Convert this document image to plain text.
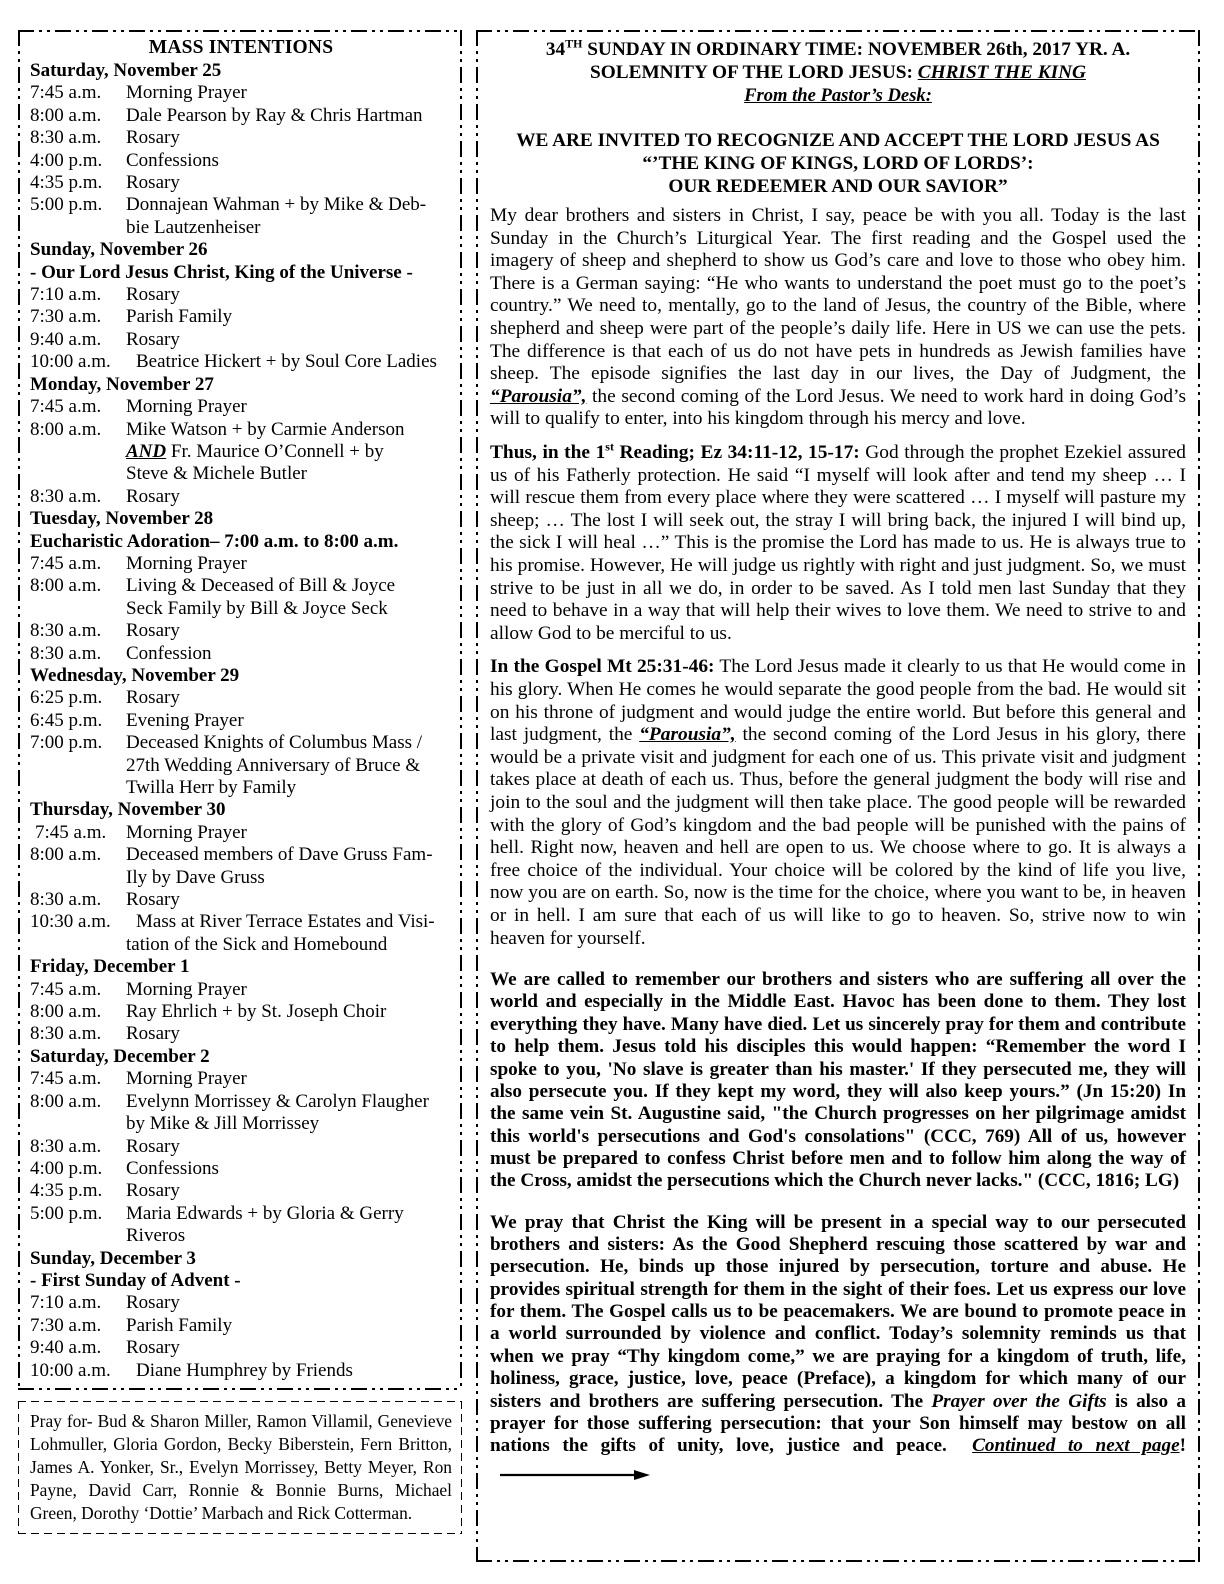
MASS INTENTIONS
Saturday, November 25
7:45 a.m.	Morning Prayer
8:00 a.m.	Dale Pearson by Ray & Chris Hartman
8:30 a.m.	Rosary
4:00 p.m.	Confessions
4:35 p.m.	Rosary
5:00 p.m.	Donnajean Wahman + by Mike & Deb-
bie Lautzenheiser
Sunday, November 26
- Our Lord Jesus Christ, King of the Universe -
7:10 a.m.	Rosary
7:30 a.m.	Parish Family
9:40 a.m.	Rosary
10:00 a.m.	Beatrice Hickert + by Soul Core Ladies
Monday, November 27
7:45 a.m.	Morning Prayer
8:00 a.m.	Mike Watson + by Carmie Anderson
AND Fr. Maurice O’Connell + by
Steve & Michele Butler
8:30 a.m.	Rosary
Tuesday, November 28
Eucharistic Adoration– 7:00 a.m. to 8:00 a.m.
7:45 a.m.	Morning Prayer
8:00 a.m.	Living & Deceased of Bill & Joyce
Seck Family by Bill & Joyce Seck
8:30 a.m.	Rosary
8:30 a.m.	Confession
Wednesday, November 29
6:25 p.m.	Rosary
6:45 p.m.	Evening Prayer
7:00 p.m.	Deceased Knights of Columbus Mass /
27th Wedding Anniversary of Bruce &
Twilla Herr by Family
Thursday, November 30
7:45 a.m.	Morning Prayer
8:00 a.m.	Deceased members of Dave Gruss Fam-
Ily by Dave Gruss
8:30 a.m.	Rosary
10:30 a.m.	Mass at River Terrace Estates and Visi-
tation of the Sick and Homebound
Friday, December 1
7:45 a.m.	Morning Prayer
8:00 a.m.	Ray Ehrlich + by St. Joseph Choir
8:30 a.m.	Rosary
Saturday, December 2
7:45 a.m.	Morning Prayer
8:00 a.m.	Evelynn Morrissey & Carolyn Flaugher
by Mike & Jill Morrissey
8:30 a.m.	Rosary
4:00 p.m.	Confessions
4:35 p.m.	Rosary
5:00 p.m.	Maria Edwards + by Gloria & Gerry
Riveros
Sunday, December 3
- First Sunday of Advent -
7:10 a.m.	Rosary
7:30 a.m.	Parish Family
9:40 a.m.	Rosary
10:00 a.m.	Diane Humphrey by Friends
Pray for- Bud & Sharon Miller, Ramon Villamil, Genevieve Lohmuller, Gloria Gordon, Becky Biberstein, Fern Britton, James A. Yonker, Sr., Evelyn Morrissey, Betty Meyer, Ron Payne, David Carr, Ronnie & Bonnie Burns, Michael Green, Dorothy ‘Dottie’ Marbach and Rick Cotterman.
34TH SUNDAY IN ORDINARY TIME: NOVEMBER 26th, 2017 YR. A.
SOLEMNITY OF THE LORD JESUS: CHRIST THE KING
From the Pastor’s Desk:
WE ARE INVITED TO RECOGNIZE AND ACCEPT THE LORD JESUS AS
“’THE KING OF KINGS, LORD OF LORDS’:
OUR REDEEMER AND OUR SAVIOR”
My dear brothers and sisters in Christ, I say, peace be with you all. Today is the last Sunday in the Church’s Liturgical Year. The first reading and the Gospel used the imagery of sheep and shepherd to show us God’s care and love to those who obey him. There is a German saying: “He who wants to understand the poet must go to the poet’s country.” We need to, mentally, go to the land of Jesus, the country of the Bible, where shepherd and sheep were part of the people’s daily life. Here in US we can use the pets. The difference is that each of us do not have pets in hundreds as Jewish families have sheep. The episode signifies the last day in our lives, the Day of Judgment, the “Parousia”, the second coming of the Lord Jesus. We need to work hard in doing God’s will to qualify to enter, into his kingdom through his mercy and love.
Thus, in the 1st Reading; Ez 34:11-12, 15-17: God through the prophet Ezekiel assured us of his Fatherly protection. He said “I myself will look after and tend my sheep … I will rescue them from every place where they were scattered … I myself will pasture my sheep; … The lost I will seek out, the stray I will bring back, the injured I will bind up, the sick I will heal …” This is the promise the Lord has made to us. He is always true to his promise. However, He will judge us rightly with right and just judgment. So, we must strive to be just in all we do, in order to be saved. As I told men last Sunday that they need to behave in a way that will help their wives to love them. We need to strive to and allow God to be merciful to us.
In the Gospel Mt 25:31-46: The Lord Jesus made it clearly to us that He would come in his glory. When He comes he would separate the good people from the bad. He would sit on his throne of judgment and would judge the entire world. But before this general and last judgment, the “Parousia”, the second coming of the Lord Jesus in his glory, there would be a private visit and judgment for each one of us. This private visit and judgment takes place at death of each us. Thus, before the general judgment the body will rise and join to the soul and the judgment will then take place. The good people will be rewarded with the glory of God’s kingdom and the bad people will be punished with the pains of hell. Right now, heaven and hell are open to us. We choose where to go. It is always a free choice of the individual. Your choice will be colored by the kind of life you live, now you are on earth. So, now is the time for the choice, where you want to be, in heaven or in hell. I am sure that each of us will like to go to heaven. So, strive now to win heaven for yourself.
We are called to remember our brothers and sisters who are suffering all over the world and especially in the Middle East. Havoc has been done to them. They lost everything they have. Many have died. Let us sincerely pray for them and contribute to help them. Jesus told his disciples this would happen: “Remember the word I spoke to you, 'No slave is greater than his master.' If they persecuted me, they will also persecute you. If they kept my word, they will also keep yours.” (Jn 15:20) In the same vein St. Augustine said, "the Church progresses on her pilgrimage amidst this world's persecutions and God's consolations" (CCC, 769) All of us, however must be prepared to confess Christ before men and to follow him along the way of the Cross, amidst the persecutions which the Church never lacks." (CCC, 1816; LG)
We pray that Christ the King will be present in a special way to our persecuted brothers and sisters: As the Good Shepherd rescuing those scattered by war and persecution. He, binds up those injured by persecution, torture and abuse. He provides spiritual strength for them in the sight of their foes. Let us express our love for them. The Gospel calls us to be peacemakers. We are bound to promote peace in a world surrounded by violence and conflict. Today’s solemnity reminds us that when we pray “Thy kingdom come,” we are praying for a kingdom of truth, life, holiness, grace, justice, love, peace (Preface), a kingdom for which many of our sisters and brothers are suffering persecution. The Prayer over the Gifts is also a prayer for those suffering persecution: that your Son himself may bestow on all nations the gifts of unity, love, justice and peace.  Continued to next page!
